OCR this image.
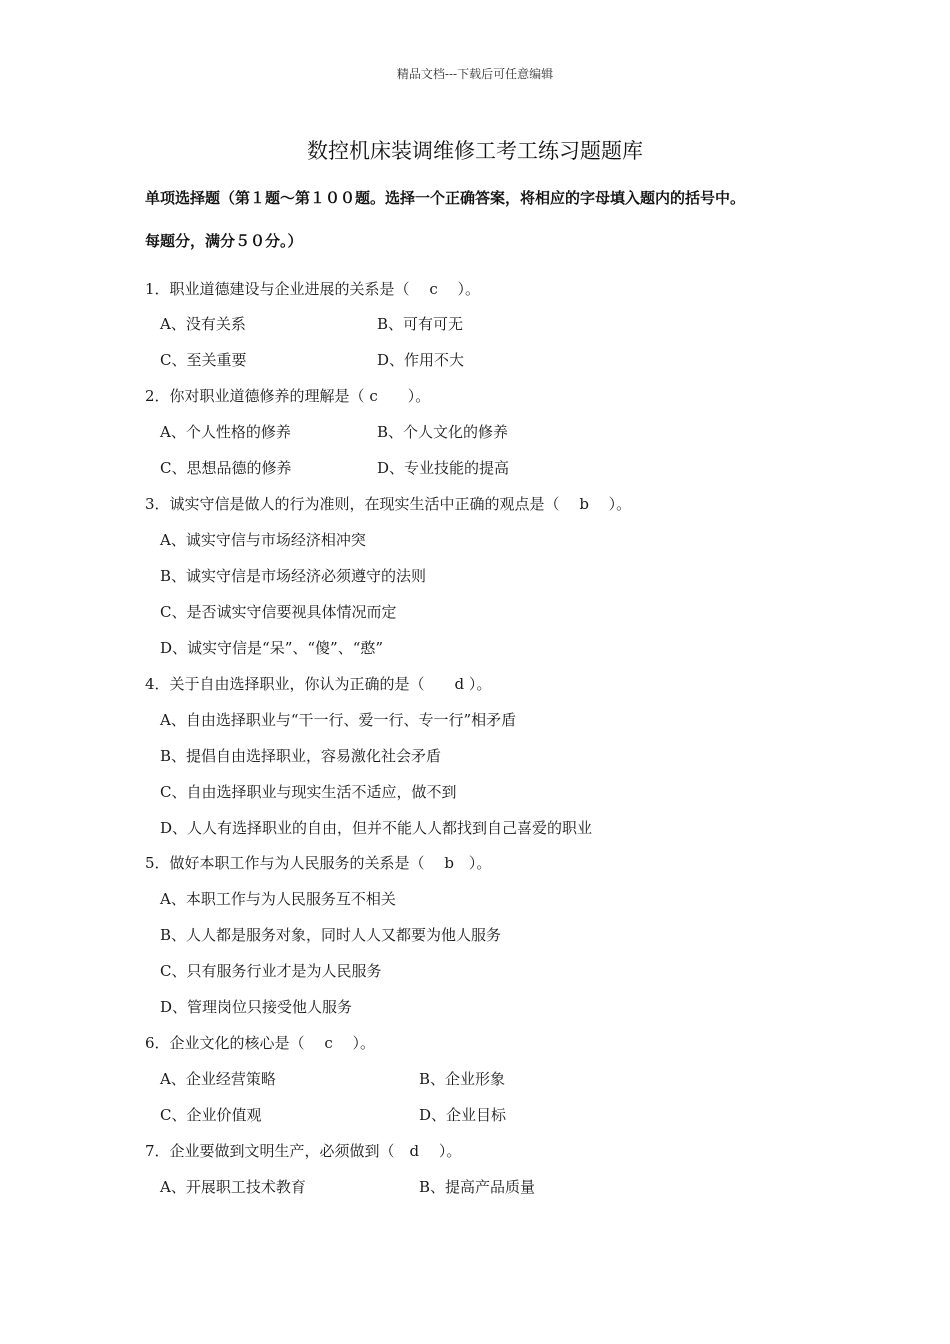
精品文档---下载后可任意编辑
数控机床装调维修工考工练习题题库
单项选择题（第１题～第１００题。选择一个正确答案，将相应的字母填入题内的括号中。
每题分，满分５０分。）
1．职业道德建设与企业进展的关系是（　 c　 ）。
A、没有关系	B、可有可无
C、至关重要	D、作用不大
2．你对职业道德修养的理解是（ c　　）。
A、个人性格的修养	B、个人文化的修养
C、思想品德的修养	D、专业技能的提高
3．诚实守信是做人的行为准则，在现实生活中正确的观点是（　 b　 ）。
A、诚实守信与市场经济相冲突
B、诚实守信是市场经济必须遵守的法则
C、是否诚实守信要视具体情况而定
D、诚实守信是“呆”、“傻”、“憨”
4．关于自由选择职业，你认为正确的是（　　d ）。
A、自由选择职业与“干一行、爱一行、专一行”相矛盾
B、提倡自由选择职业，容易激化社会矛盾
C、自由选择职业与现实生活不适应，做不到
D、人人有选择职业的自由，但并不能人人都找到自己喜爱的职业
5．做好本职工作与为人民服务的关系是（　 b　）。
A、本职工作与为人民服务互不相关
B、人人都是服务对象，同时人人又都要为他人服务
C、只有服务行业才是为人民服务
D、管理岗位只接受他人服务
6．企业文化的核心是（　 c　 ）。
A、企业经营策略	B、企业形象
C、企业价值观	D、企业目标
7．企业要做到文明生产，必须做到（　d　 ）。
A、开展职工技术教育	B、提高产品质量
